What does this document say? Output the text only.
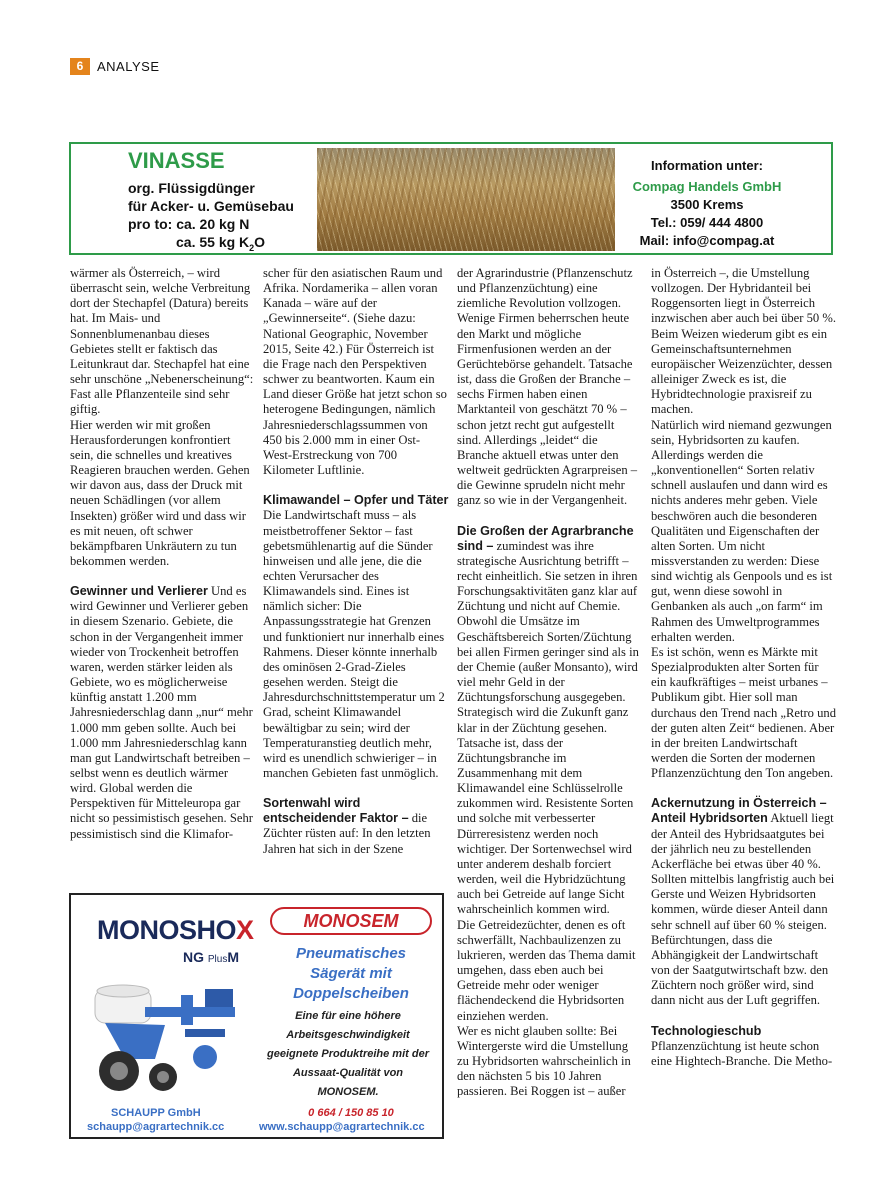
6	ANALYSE
VINASSE
org. Flüssigdünger
für Acker- u. Gemüsebau
pro to: ca. 20 kg N
ca. 55 kg $K_2O$
Information unter:
Compag Handels GmbH
3500 Krems
Tel.: 059/ 444 4800
Mail: info@compag.at

wärmer als Österreich, – wird überrascht sein, welche Verbreitung dort der Stechapfel (Datura) bereits hat. Im Mais- und Sonnenblumenanbau dieses Gebietes stellt er faktisch das Leitunkraut dar. Stechapfel hat eine sehr unschöne „Nebenerscheinung“: Fast alle Pflanzenteile sind sehr giftig.

Hier werden wir mit großen Herausforderungen konfrontiert sein, die schnelles und kreatives Reagieren brauchen werden. Gehen wir davon aus, dass der Druck mit neuen Schädlingen (vor allem Insekten) größer wird und dass wir es mit neuen, oft schwer bekämpfbaren Unkräutern zu tun bekommen werden.

Gewinner und Verlierer Und es wird Gewinner und Verlierer geben in diesem Szenario. Gebiete, die schon in der Vergangenheit immer wieder von Trockenheit betroffen waren, werden stärker leiden als Gebiete, wo es möglicherweise künftig anstatt 1.200 mm Jahresniederschlag dann „nur“ mehr 1.000 mm geben sollte. Auch bei 1.000 mm Jahresniederschlag kann man gut Landwirtschaft betreiben – selbst wenn es deutlich wärmer wird. Global werden die Perspektiven für Mitteleuropa gar nicht so pessimistisch gesehen. Sehr pessimistisch sind die Klimafor-

scher für den asiatischen Raum und Afrika. Nordamerika – allen voran Kanada – wäre auf der „Gewinnerseite“. (Siehe dazu: National Geographic, November 2015, Seite 42.) Für Österreich ist die Frage nach den Perspektiven schwer zu beantworten. Kaum ein Land dieser Größe hat jetzt schon so heterogene Bedingungen, nämlich Jahresniederschlagssummen von 450 bis 2.000 mm in einer Ost-West-Erstreckung von 700 Kilometer Luftlinie.

Klimawandel – Opfer und Täter Die Landwirtschaft muss – als meistbetroffener Sektor – fast gebetsmühlenartig auf die Sünder hinweisen und alle jene, die die echten Verursacher des Klimawandels sind. Eines ist nämlich sicher: Die Anpassungsstrategie hat Grenzen und funktioniert nur innerhalb eines Rahmens. Dieser könnte innerhalb des ominösen 2-Grad-Zieles gesehen werden. Steigt die Jahresdurchschnittstemperatur um 2 Grad, scheint Klimawandel bewältigbar zu sein; wird der Temperaturanstieg deutlich mehr, wird es unendlich schwieriger – in manchen Gebieten fast unmöglich.

Sortenwahl wird entscheidender Faktor – die Züchter rüsten auf: In den letzten Jahren hat sich in der Szene

der Agrarindustrie (Pflanzenschutz und Pflanzenzüchtung) eine ziemliche Revolution vollzogen. Wenige Firmen beherrschen heute den Markt und mögliche Firmenfusionen werden an der Gerüchtebörse gehandelt. Tatsache ist, dass die Großen der Branche – sechs Firmen haben einen Marktanteil von geschätzt 70 % – schon jetzt recht gut aufgestellt sind. Allerdings „leidet“ die Branche aktuell etwas unter den weltweit gedrückten Agrarpreisen – die Gewinne sprudeln nicht mehr ganz so wie in der Vergangenheit.

Die Großen der Agrarbranche sind – zumindest was ihre strategische Ausrichtung betrifft – recht einheitlich. Sie setzen in ihren Forschungsaktivitäten ganz klar auf Züchtung und nicht auf Chemie. Obwohl die Umsätze im Geschäftsbereich Sorten/Züchtung bei allen Firmen geringer sind als in der Chemie (außer Monsanto), wird viel mehr Geld in der Züchtungsforschung ausgegeben. Strategisch wird die Zukunft ganz klar in der Züchtung gesehen. Tatsache ist, dass der Züchtungsbranche im Zusammenhang mit dem Klimawandel eine Schlüsselrolle zukommen wird. Resistente Sorten und solche mit verbesserter Dürreresistenz werden noch wichtiger. Der Sortenwechsel wird unter anderem deshalb forciert werden, weil die Hybridzüchtung auch bei Getreide auf lange Sicht wahrscheinlich kommen wird.

Die Getreidezüchter, denen es oft schwerfällt, Nachbaulizenzen zu lukrieren, werden das Thema damit umgehen, dass eben auch bei Getreide mehr oder weniger flächendeckend die Hybridsorten einziehen werden.

Wer es nicht glauben sollte: Bei Wintergerste wird die Umstellung zu Hybridsorten wahrscheinlich in den nächsten 5 bis 10 Jahren passieren. Bei Roggen ist – außer

in Österreich –, die Umstellung vollzogen. Der Hybridanteil bei Roggensorten liegt in Österreich inzwischen aber auch bei über 50 %. Beim Weizen wiederum gibt es ein Gemeinschaftsunternehmen europäischer Weizenzüchter, dessen alleiniger Zweck es ist, die Hybridtechnologie praxisreif zu machen.

Natürlich wird niemand gezwungen sein, Hybridsorten zu kaufen. Allerdings werden die „konventionellen“ Sorten relativ schnell auslaufen und dann wird es nichts anderes mehr geben. Viele beschwören auch die besonderen Qualitäten und Eigenschaften der alten Sorten. Um nicht missverstanden zu werden: Diese sind wichtig als Genpools und es ist gut, wenn diese sowohl in Genbanken als auch „on farm“ im Rahmen des Umweltprogrammes erhalten werden.

Es ist schön, wenn es Märkte mit Spezialprodukten alter Sorten für ein kaufkräftiges – meist urbanes – Publikum gibt. Hier soll man durchaus den Trend nach „Retro und der guten alten Zeit“ bedienen. Aber in der breiten Landwirtschaft werden die Sorten der modernen Pflanzenzüchtung den Ton angeben.

Ackernutzung in Österreich – Anteil Hybridsorten Aktuell liegt der Anteil des Hybridsaatgutes bei der jährlich neu zu bestellenden Ackerfläche bei etwas über 40 %. Sollten mittelbis langfristig auch bei Gerste und Weizen Hybridsorten kommen, würde dieser Anteil dann sehr schnell auf über 60 % steigen. Befürchtungen, dass die Abhängigkeit der Landwirtschaft von der Saatgutwirtschaft bzw. den Züchtern noch größer wird, sind dann nicht aus der Luft gegriffen.

Technologieschub Pflanzenzüchtung ist heute schon eine Hightech-Branche. Die Metho-

MONOSHOX
NG PlusM
MONOSEM
Pneumatisches
Sägerät mit
Doppelscheiben
Eine für eine höhere
Arbeitsgeschwindigkeit
geeignete Produktreihe mit der
Aussaat-Qualität von
MONOSEM.
0 664 / 150 85 10
www.schaupp@agrartechnik.cc
SCHAUPP GmbH
schaupp@agrartechnik.cc
